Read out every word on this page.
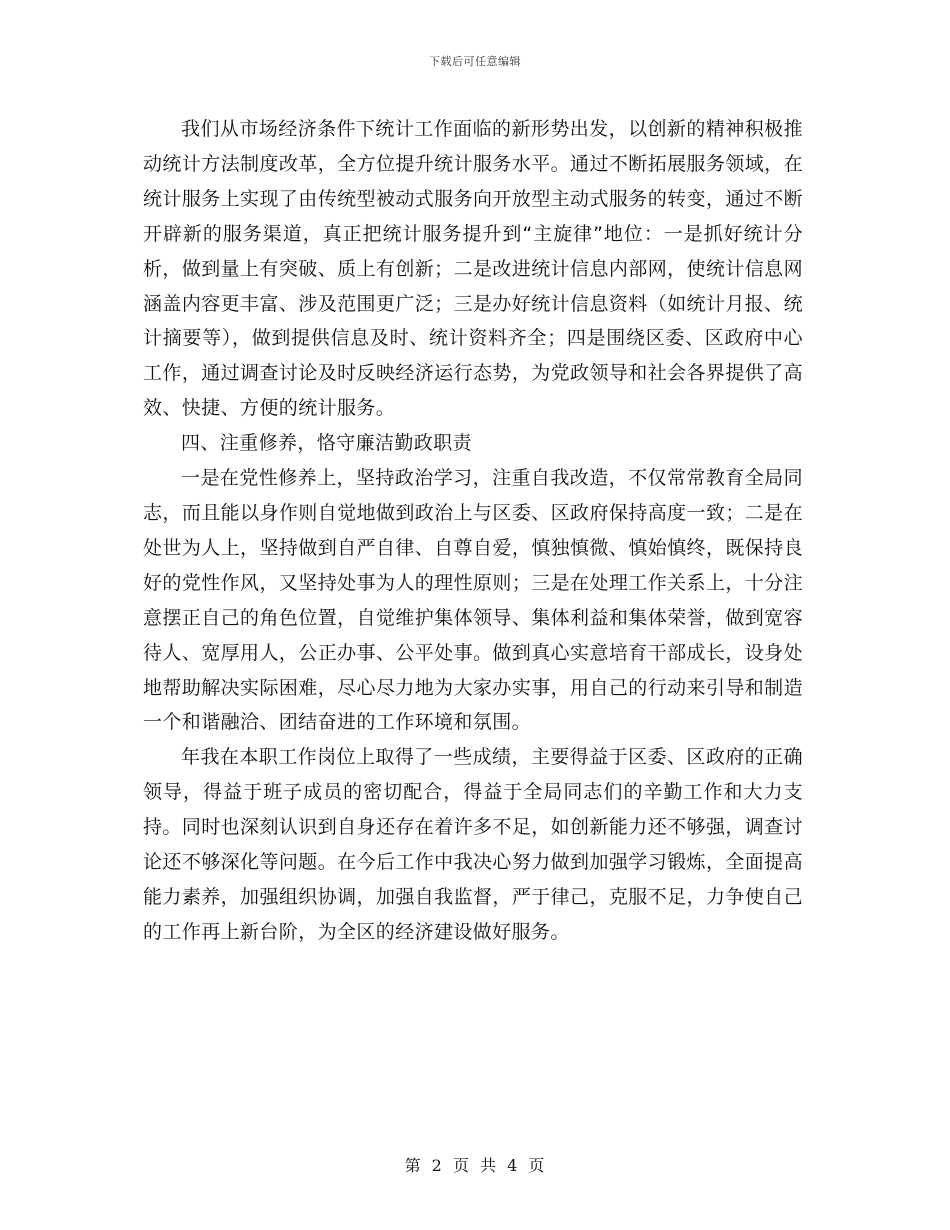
下载后可任意编辑

我们从市场经济条件下统计工作面临的新形势出发，以创新的精神积极推动统计方法制度改革，全方位提升统计服务水平。通过不断拓展服务领域，在统计服务上实现了由传统型被动式服务向开放型主动式服务的转变，通过不断开辟新的服务渠道，真正把统计服务提升到“主旋律”地位：一是抓好统计分析，做到量上有突破、质上有创新；二是改进统计信息内部网，使统计信息网涵盖内容更丰富、涉及范围更广泛；三是办好统计信息资料（如统计月报、统计摘要等），做到提供信息及时、统计资料齐全；四是围绕区委、区政府中心工作，通过调查讨论及时反映经济运行态势，为党政领导和社会各界提供了高效、快捷、方便的统计服务。

四、注重修养，恪守廉洁勤政职责

一是在党性修养上，坚持政治学习，注重自我改造，不仅常常教育全局同志，而且能以身作则自觉地做到政治上与区委、区政府保持高度一致；二是在处世为人上，坚持做到自严自律、自尊自爱，慎独慎微、慎始慎终，既保持良好的党性作风，又坚持处事为人的理性原则；三是在处理工作关系上，十分注意摆正自己的角色位置，自觉维护集体领导、集体利益和集体荣誉，做到宽容待人、宽厚用人，公正办事、公平处事。做到真心实意培育干部成长，设身处地帮助解决实际困难，尽心尽力地为大家办实事，用自己的行动来引导和制造一个和谐融洽、团结奋进的工作环境和氛围。

年我在本职工作岗位上取得了一些成绩，主要得益于区委、区政府的正确领导，得益于班子成员的密切配合，得益于全局同志们的辛勤工作和大力支持。同时也深刻认识到自身还存在着许多不足，如创新能力还不够强，调查讨论还不够深化等问题。在今后工作中我决心努力做到加强学习锻炼，全面提高能力素养，加强组织协调，加强自我监督，严于律己，克服不足，力争使自己的工作再上新台阶，为全区的经济建设做好服务。

第 2 页 共 4 页
